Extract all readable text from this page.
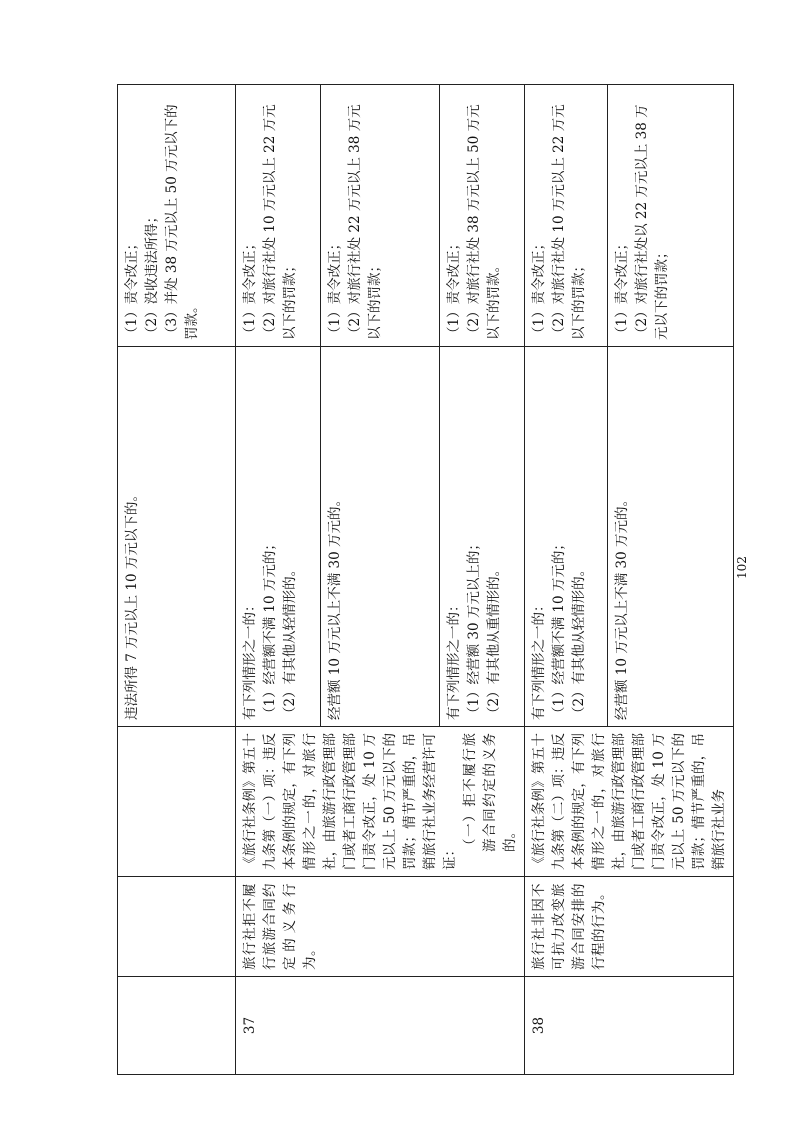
			违法所得 7 万元以上 10 万元以下的。	（1）责令改正； （2）没收违法所得； （3）并处 38 万元以上 50 万元以下的罚款。

37	旅行社拒不履行旅游合同约定的义务行为。	《旅行社条例》第五十九条第（一）项：违反本条例的规定，有下列情形之一的，对旅行社，由旅游行政管理部门或者工商行政管理部门责令改正，处 10 万元以上 50 万元以下的罚款；情节严重的，吊销旅行社业务经营许可证：
（一）拒不履行旅游合同约定的义务的。	有下列情形之一的： （1）经营额不满 10 万元的； （2）有其他从轻情形的。	（1）责令改正； （2）对旅行社处 10 万元以上 22 万元以下的罚款；

			经营额 10 万元以上不满 30 万元的。	（1）责令改正； （2）对旅行社处 22 万元以上 38 万元以下的罚款；

			有下列情形之一的： （1）经营额 30 万元以上的； （2）有其他从重情形的。	（1）责令改正； （2）对旅行社处 38 万元以上 50 万元以下的罚款。

38	旅行社非因不可抗力改变旅游合同安排的行程的行为。	《旅行社条例》第五十九条第（二）项：违反本条例的规定，有下列情形之一的，对旅行社，由旅游行政管理部门或者工商行政管理部门责令改正，处 10 万元以上 50 万元以下的罚款；情节严重的，吊销旅行社业务	有下列情形之一的： （1）经营额不满 10 万元的； （2）有其他从轻情形的。	（1）责令改正； （2）对旅行社处 10 万元以上 22 万元以下的罚款；

			经营额 10 万元以上不满 30 万元的。	（1）责令改正； （2）对旅行社处以 22 万元以上 38 万元以下的罚款；
102
